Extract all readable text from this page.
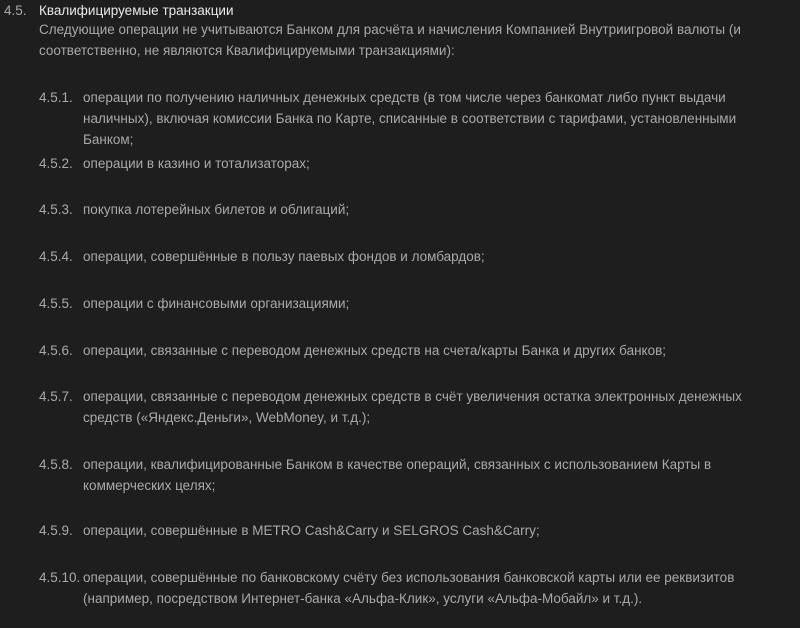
4.5. Квалифицируемые транзакции
Следующие операции не учитываются Банком для расчёта и начисления Компанией Внутриигровой валюты (и соответственно, не являются Квалифицируемыми транзакциями):
4.5.1. операции по получению наличных денежных средств (в том числе через банкомат либо пункт выдачи наличных), включая комиссии Банка по Карте, списанные в соответствии с тарифами, установленными Банком;
4.5.2. операции в казино и тотализаторах;
4.5.3. покупка лотерейных билетов и облигаций;
4.5.4. операции, совершённые в пользу паевых фондов и ломбардов;
4.5.5. операции с финансовыми организациями;
4.5.6. операции, связанные с переводом денежных средств на счета/карты Банка и других банков;
4.5.7. операции, связанные с переводом денежных средств в счёт увеличения остатка электронных денежных средств («Яндекс.Деньги», WebMoney, и т.д.);
4.5.8. операции, квалифицированные Банком в качестве операций, связанных с использованием Карты в коммерческих целях;
4.5.9. операции, совершённые в METRO Cash&Carry и SELGROS Cash&Carry;
4.5.10. операции, совершённые по банковскому счёту без использования банковской карты или ее реквизитов (например, посредством Интернет-банка «Альфа-Клик», услуги «Альфа-Мобайл» и т.д.).
